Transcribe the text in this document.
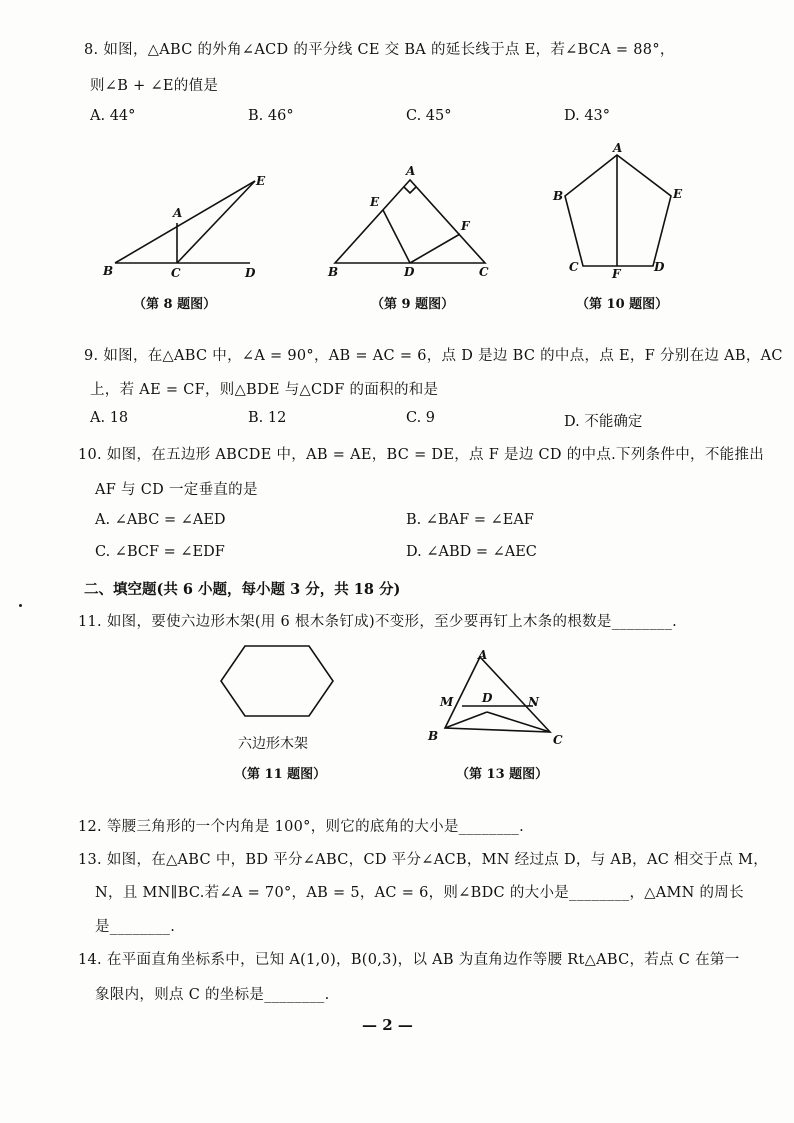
8. 如图，△ABC 的外角∠ACD 的平分线 CE 交 BA 的延长线于点 E，若∠BCA = 88°，
则∠B + ∠E的值是
A. 44°	B. 46°	C. 45°	D. 43°
A
B	C	D
E
（第 8 题图）
A
B	C
D
E
F
（第 9 题图）
A
B
C	D
E
F
（第 10 题图）
9. 如图，在△ABC 中，∠A = 90°，AB = AC = 6，点 D 是边 BC 的中点，点 E，F 分别在边 AB，AC
上，若 AE = CF，则△BDE 与△CDF 的面积的和是
A. 18	B. 12	C. 9	D. 不能确定
10. 如图，在五边形 ABCDE 中，AB = AE，BC = DE，点 F 是边 CD 的中点.下列条件中，不能推出
AF 与 CD 一定垂直的是
A. ∠ABC = ∠AED	B. ∠BAF = ∠EAF
C. ∠BCF = ∠EDF	D. ∠ABD = ∠AEC
二、填空题(共 6 小题，每小题 3 分，共 18 分)
11. 如图，要使六边形木架(用 6 根木条钉成)不变形，至少要再钉上木条的根数是________.
六边形木架
（第 11 题图）
A
B	C
D
M	N
（第 13 题图）
12. 等腰三角形的一个内角是 100°，则它的底角的大小是________.
13. 如图，在△ABC 中，BD 平分∠ABC，CD 平分∠ACB，MN 经过点 D，与 AB，AC 相交于点 M，
N，且 MN∥BC.若∠A = 70°，AB = 5，AC = 6，则∠BDC 的大小是________，△AMN 的周长
是________.
14. 在平面直角坐标系中，已知 A(1,0)，B(0,3)，以 AB 为直角边作等腰 Rt△ABC，若点 C 在第一
象限内，则点 C 的坐标是________.
— 2 —
